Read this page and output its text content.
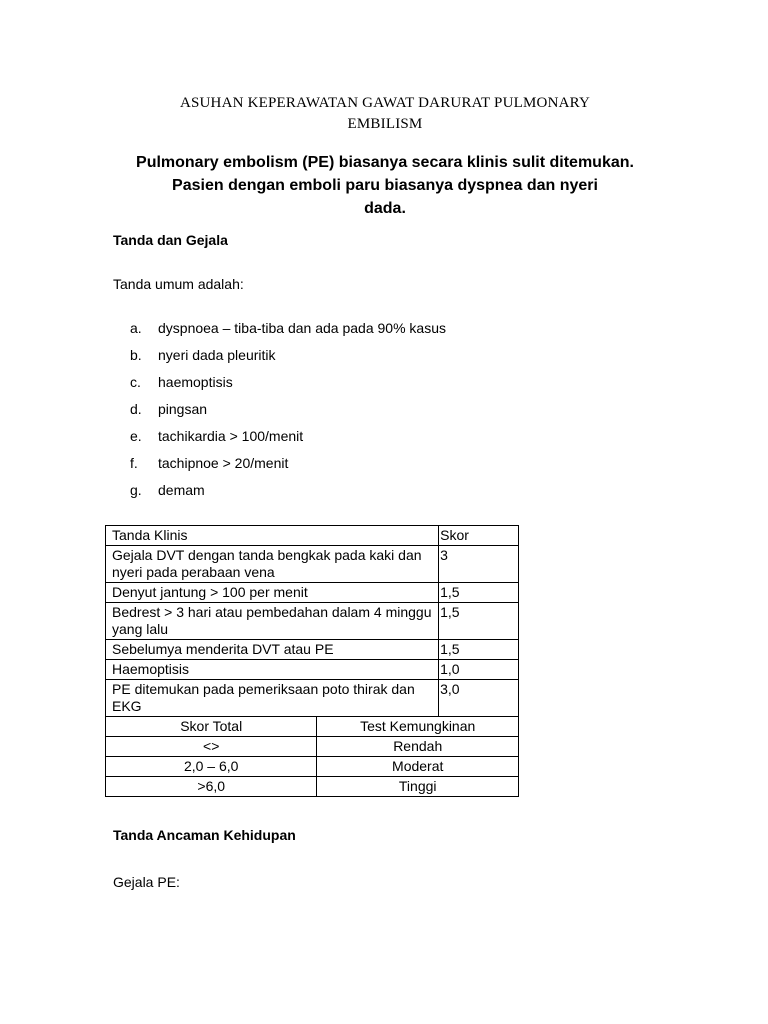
ASUHAN KEPERAWATAN GAWAT DARURAT PULMONARY
EMBILISM
Pulmonary embolism (PE) biasanya secara klinis sulit ditemukan.
Pasien dengan emboli paru biasanya dyspnea dan nyeri
dada.
Tanda dan Gejala
Tanda umum adalah:
a.	dyspnoea – tiba-tiba dan ada pada 90% kasus
b.	nyeri dada pleuritik
c.	haemoptisis
d.	pingsan
e.	tachikardia > 100/menit
f.	tachipnoe > 20/menit
g.	demam
Tanda Klinis		Skor
Gejala DVT dengan tanda bengkak pada kaki dan nyeri pada perabaan vena		3
Denyut jantung > 100 per menit		1,5
Bedrest > 3 hari atau pembedahan dalam 4 minggu yang lalu		1,5
Sebelumya menderita DVT atau PE		1,5
Haemoptisis		1,0
PE ditemukan pada pemeriksaan poto thirak dan EKG		3,0
Skor Total	Test Kemungkinan	
<>	Rendah	
2,0 – 6,0	Moderat	
>6,0	Tinggi	
Tanda Ancaman Kehidupan
Gejala PE:
